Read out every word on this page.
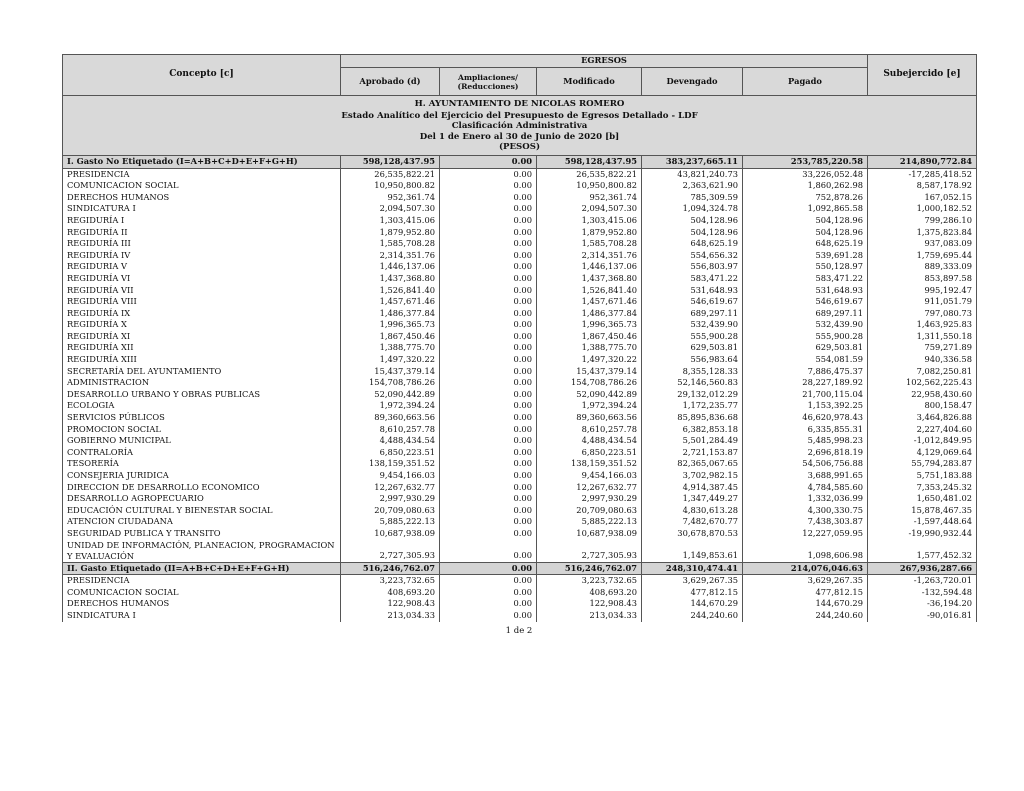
H. AYUNTAMIENTO DE NICOLAS ROMERO						
Estado Analítico del Ejercicio del Presupuesto de Egresos Detallado - LDF						
Clasificación Administrativa						
Del 1 de Enero al 30 de Junio de 2020 [b]						
(PESOS)						
Concepto [c]	EGRESOS					Subejercido [e]
	Aprobado (d)	Ampliaciones/ (Reducciones)	Modificado	Devengado	Pagado	
I. Gasto No Etiquetado (I=A+B+C+D+E+F+G+H)	598,128,437.95	0.00	598,128,437.95	383,237,665.11	253,785,220.58	214,890,772.84
PRESIDENCIA	26,535,822.21	0.00	26,535,822.21	43,821,240.73	33,226,052.48	-17,285,418.52
COMUNICACION SOCIAL	10,950,800.82	0.00	10,950,800.82	2,363,621.90	1,860,262.98	8,587,178.92
DERECHOS HUMANOS	952,361.74	0.00	952,361.74	785,309.59	752,878.26	167,052.15
SINDICATURA I	2,094,507.30	0.00	2,094,507.30	1,094,324.78	1,092,865.58	1,000,182.52
REGIDURÍA I	1,303,415.06	0.00	1,303,415.06	504,128.96	504,128.96	799,286.10
REGIDURÍA II	1,879,952.80	0.00	1,879,952.80	504,128.96	504,128.96	1,375,823.84
REGIDURÍA III	1,585,708.28	0.00	1,585,708.28	648,625.19	648,625.19	937,083.09
REGIDURÍA IV	2,314,351.76	0.00	2,314,351.76	554,656.32	539,691.28	1,759,695.44
REGIDURIA V	1,446,137.06	0.00	1,446,137.06	556,803.97	550,128.97	889,333.09
REGIDURÍA VI	1,437,368.80	0.00	1,437,368.80	583,471.22	583,471.22	853,897.58
REGIDURÍA VII	1,526,841.40	0.00	1,526,841.40	531,648.93	531,648.93	995,192.47
REGIDURÍA VIII	1,457,671.46	0.00	1,457,671.46	546,619.67	546,619.67	911,051.79
REGIDURÍA IX	1,486,377.84	0.00	1,486,377.84	689,297.11	689,297.11	797,080.73
REGIDURÍA X	1,996,365.73	0.00	1,996,365.73	532,439.90	532,439.90	1,463,925.83
REGIDURÍA XI	1,867,450.46	0.00	1,867,450.46	555,900.28	555,900.28	1,311,550.18
REGIDURÍA XII	1,388,775.70	0.00	1,388,775.70	629,503.81	629,503.81	759,271.89
REGIDURÍA XIII	1,497,320.22	0.00	1,497,320.22	556,983.64	554,081.59	940,336.58
SECRETARÍA DEL AYUNTAMIENTO	15,437,379.14	0.00	15,437,379.14	8,355,128.33	7,886,475.37	7,082,250.81
ADMINISTRACION	154,708,786.26	0.00	154,708,786.26	52,146,560.83	28,227,189.92	102,562,225.43
DESARROLLO URBANO Y OBRAS PUBLICAS	52,090,442.89	0.00	52,090,442.89	29,132,012.29	21,700,115.04	22,958,430.60
ECOLOGIA	1,972,394.24	0.00	1,972,394.24	1,172,235.77	1,153,392.25	800,158.47
SERVICIOS PÚBLICOS	89,360,663.56	0.00	89,360,663.56	85,895,836.68	46,620,978.43	3,464,826.88
PROMOCION SOCIAL	8,610,257.78	0.00	8,610,257.78	6,382,853.18	6,335,855.31	2,227,404.60
GOBIERNO MUNICIPAL	4,488,434.54	0.00	4,488,434.54	5,501,284.49	5,485,998.23	-1,012,849.95
CONTRALORÍA	6,850,223.51	0.00	6,850,223.51	2,721,153.87	2,696,818.19	4,129,069.64
TESORERÍA	138,159,351.52	0.00	138,159,351.52	82,365,067.65	54,506,756.88	55,794,283.87
CONSEJERIA JURIDICA	9,454,166.03	0.00	9,454,166.03	3,702,982.15	3,688,991.65	5,751,183.88
DIRECCION DE DESARROLLO ECONOMICO	12,267,632.77	0.00	12,267,632.77	4,914,387.45	4,784,585.60	7,353,245.32
DESARROLLO AGROPECUARIO	2,997,930.29	0.00	2,997,930.29	1,347,449.27	1,332,036.99	1,650,481.02
EDUCACIÓN CULTURAL Y BIENESTAR SOCIAL	20,709,080.63	0.00	20,709,080.63	4,830,613.28	4,300,330.75	15,878,467.35
ATENCION CIUDADANA	5,885,222.13	0.00	5,885,222.13	7,482,670.77	7,438,303.87	-1,597,448.64
SEGURIDAD PUBLICA Y TRANSITO	10,687,938.09	0.00	10,687,938.09	30,678,870.53	12,227,059.95	-19,990,932.44
UNIDAD DE INFORMACIÓN, PLANEACION, PROGRAMACION Y EVALUACIÓN	2,727,305.93	0.00	2,727,305.93	1,149,853.61	1,098,606.98	1,577,452.32
II. Gasto Etiquetado (II=A+B+C+D+E+F+G+H)	516,246,762.07	0.00	516,246,762.07	248,310,474.41	214,076,046.63	267,936,287.66
PRESIDENCIA	3,223,732.65	0.00	3,223,732.65	3,629,267.35	3,629,267.35	-1,263,720.01
COMUNICACION SOCIAL	408,693.20	0.00	408,693.20	477,812.15	477,812.15	-132,594.48
DERECHOS HUMANOS	122,908.43	0.00	122,908.43	144,670.29	144,670.29	-36,194.20
SINDICATURA I	213,034.33	0.00	213,034.33	244,240.60	244,240.60	-90,016.81
1 de 2
